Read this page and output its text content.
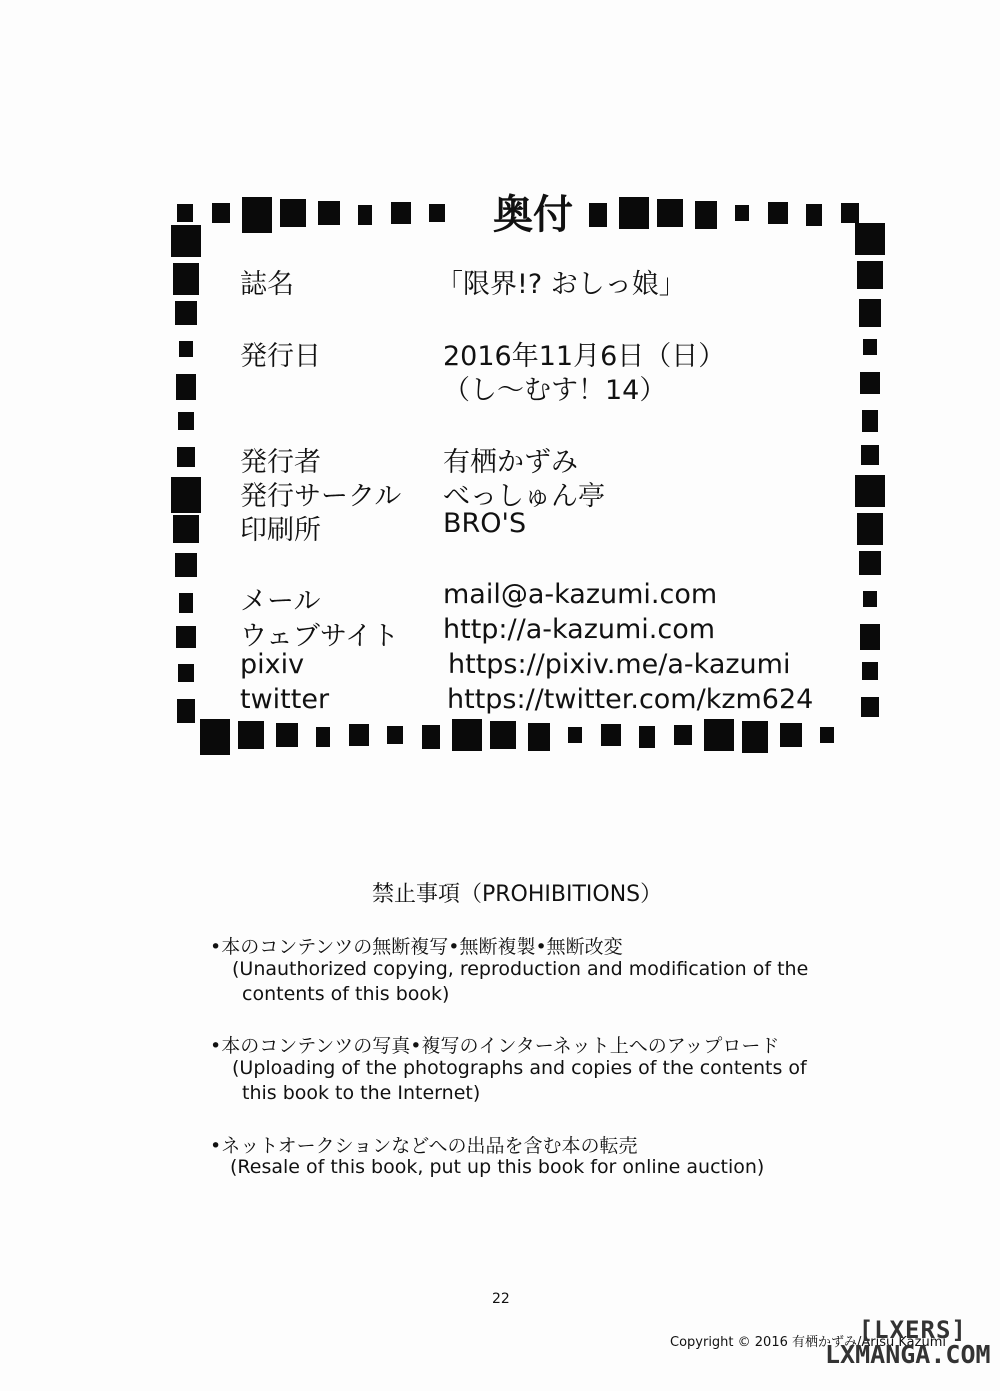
奥付
誌名	「限界!? おしっ娘」
発行日	2016年11月6日（日）
（し～むす！14）
発行者	有栖かずみ
発行サークル べっしゅん亭
印刷所	BRO'S
メール	mail@a-kazumi.com
ウェブサイト http://a-kazumi.com
pixiv	https://pixiv.me/a-kazumi
twitter	https://twitter.com/kzm624
禁止事項（PROHIBITIONS）
•本のコンテンツの無断複写•無断複製•無断改変
(Unauthorized copying, reproduction and modification of the
contents of this book)
•本のコンテンツの写真•複写のインターネット上へのアップロード
(Uploading of the photographs and copies of the contents of
this book to the Internet)
•ネットオークションなどへの出品を含む本の転売
(Resale of this book, put up this book for online auction)
22
Copyright © 2016 有栖かずみ/Arisu Kazumi
[LXERS]
LXMANGA.COM
